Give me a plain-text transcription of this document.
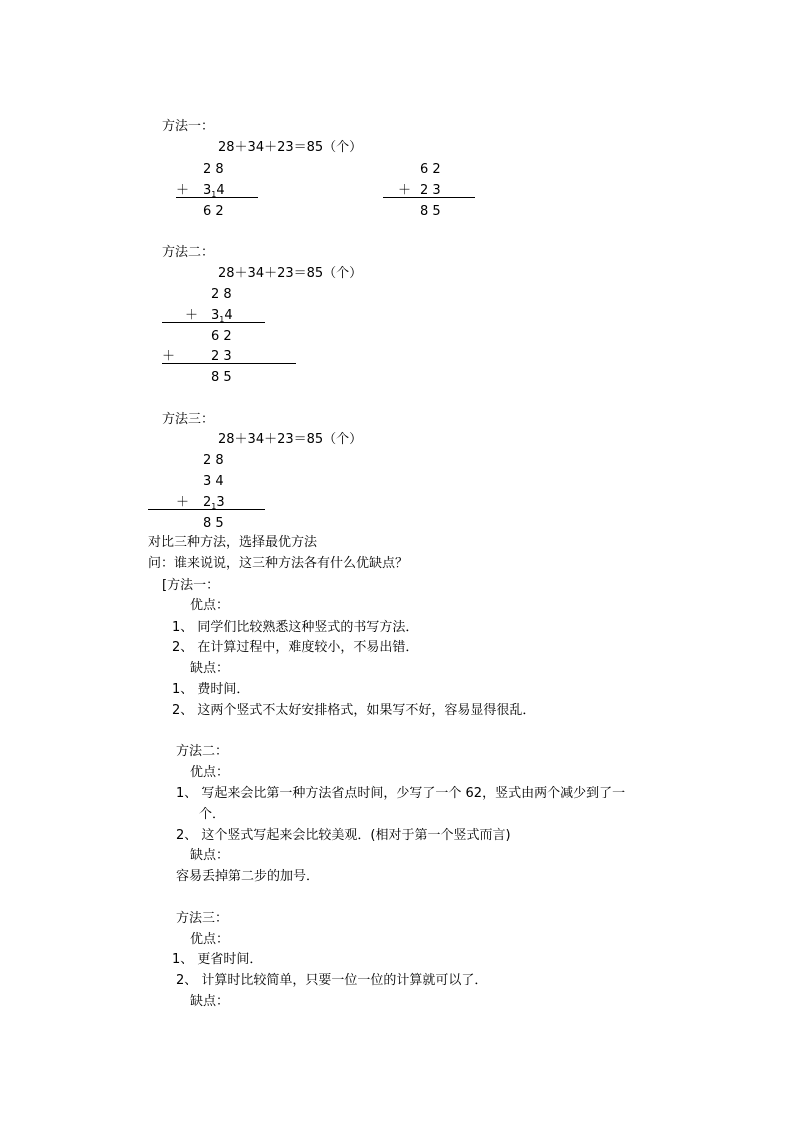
方法一：
28＋34＋23＝85（个）
2 8
＋ $3_14$
6 2
6 2
＋ 2 3
8 5
方法二：
28＋34＋23＝85（个）
2 8
＋ $3_14$
6 2
＋	2 3
8 5
方法三：
28＋34＋23＝85（个）
2 8
3 4
＋ $2_13$
8 5
对比三种方法，选择最优方法
问：谁来说说，这三种方法各有什么优缺点？
[方法一：
优点：
1、 同学们比较熟悉这种竖式的书写方法．
2、 在计算过程中，难度较小，不易出错．
缺点：
1、 费时间．
2、 这两个竖式不太好安排格式，如果写不好，容易显得很乱．
方法二：
优点：
1、 写起来会比第一种方法省点时间，少写了一个 62，竖式由两个减少到了一
个．
2、 这个竖式写起来会比较美观．(相对于第一个竖式而言)
缺点：
容易丢掉第二步的加号．
方法三：
优点：
1、 更省时间．
2、 计算时比较简单，只要一位一位的计算就可以了．
缺点：
